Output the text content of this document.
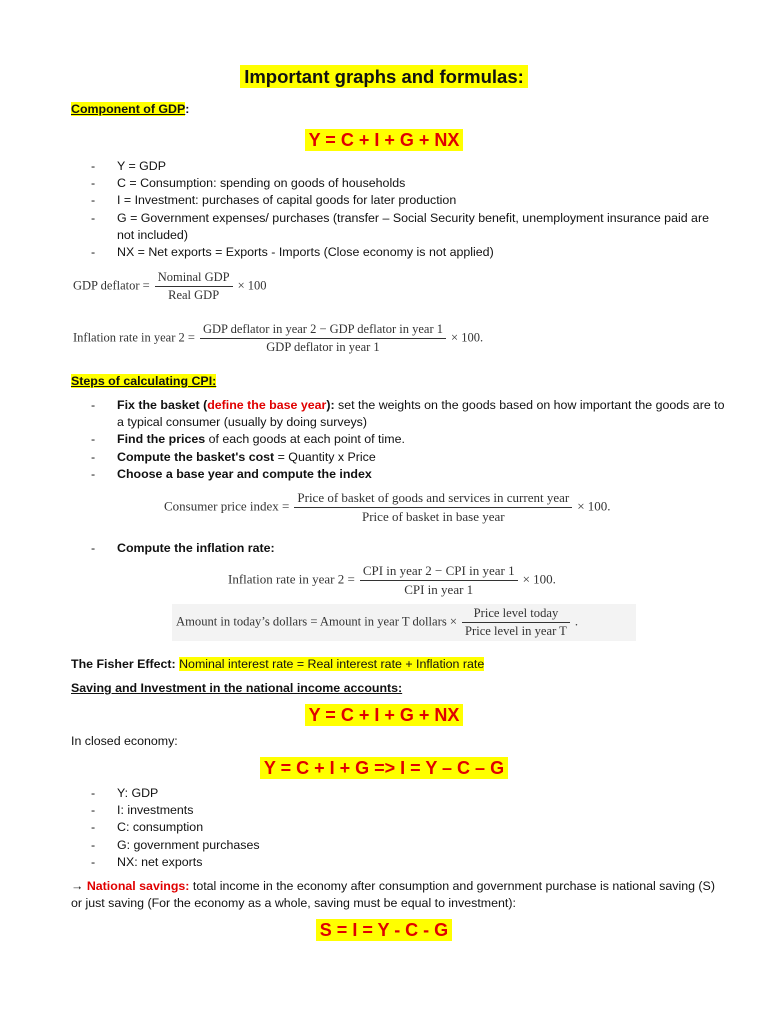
Important graphs and formulas:
Component of GDP:
Y = C + I + G + NX
- Y = GDP
- C = Consumption: spending on goods of households
- I = Investment: purchases of capital goods for later production
- G = Government expenses/ purchases (transfer – Social Security benefit, unemployment insurance paid are not included)
- NX = Net exports = Exports - Imports (Close economy is not applied)
GDP deflator = $\frac{\text{Nominal GDP}}{\text{Real GDP}} \times 100$
Inflation rate in year $2 = \frac{\text{GDP deflator in year 2 − GDP deflator in year 1}}{\text{GDP deflator in year 1}} \times 100$.
Steps of calculating CPI:
- Fix the basket (define the base year): set the weights on the goods based on how important the goods are to a typical consumer (usually by doing surveys)
- Find the prices of each goods at each point of time.
- Compute the basket's cost = Quantity x Price
- Choose a base year and compute the index
Consumer price index = $\frac{\text{Price of basket of goods and services in current year}}{\text{Price of basket in base year}} \times 100$.
- Compute the inflation rate:
Inflation rate in year $2 = \frac{\text{CPI in year 2 − CPI in year 1}}{\text{CPI in year 1}} \times 100$.
Amount in today’s dollars = Amount in year T dollars × $\frac{\text{Price level today}}{\text{Price level in year T}}$ .
The Fisher Effect: Nominal interest rate = Real interest rate + Inflation rate
Saving and Investment in the national income accounts:
Y = C + I + G + NX
In closed economy:
Y = C + I + G => I = Y – C – G
- Y: GDP
- I: investments
- C: consumption
- G: government purchases
- NX: net exports
→ National savings: total income in the economy after consumption and government purchase is national saving (S) or just saving (For the economy as a whole, saving must be equal to investment):
S = I = Y - C - G
